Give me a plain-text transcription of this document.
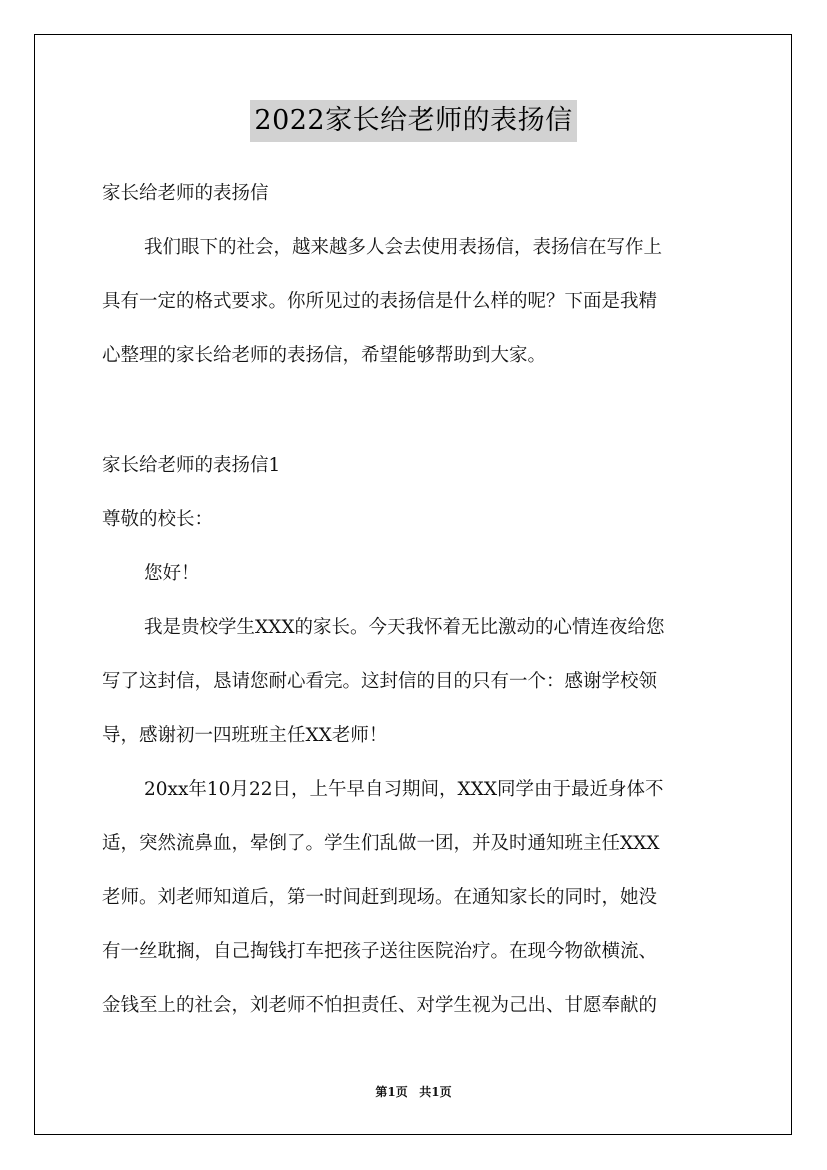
2022家长给老师的表扬信
家长给老师的表扬信
我们眼下的社会，越来越多人会去使用表扬信，表扬信在写作上
具有一定的格式要求。你所见过的表扬信是什么样的呢？下面是我精
心整理的家长给老师的表扬信，希望能够帮助到大家。
家长给老师的表扬信1
尊敬的校长：
您好！
我是贵校学生XXX的家长。今天我怀着无比激动的心情连夜给您
写了这封信，恳请您耐心看完。这封信的目的只有一个：感谢学校领
导，感谢初一四班班主任XX老师！
20xx年10月22日，上午早自习期间，XXX同学由于最近身体不
适，突然流鼻血，晕倒了。学生们乱做一团，并及时通知班主任XXX
老师。刘老师知道后，第一时间赶到现场。在通知家长的同时，她没
有一丝耽搁，自己掏钱打车把孩子送往医院治疗。在现今物欲横流、
金钱至上的社会，刘老师不怕担责任、对学生视为己出、甘愿奉献的
第1页 共1页
